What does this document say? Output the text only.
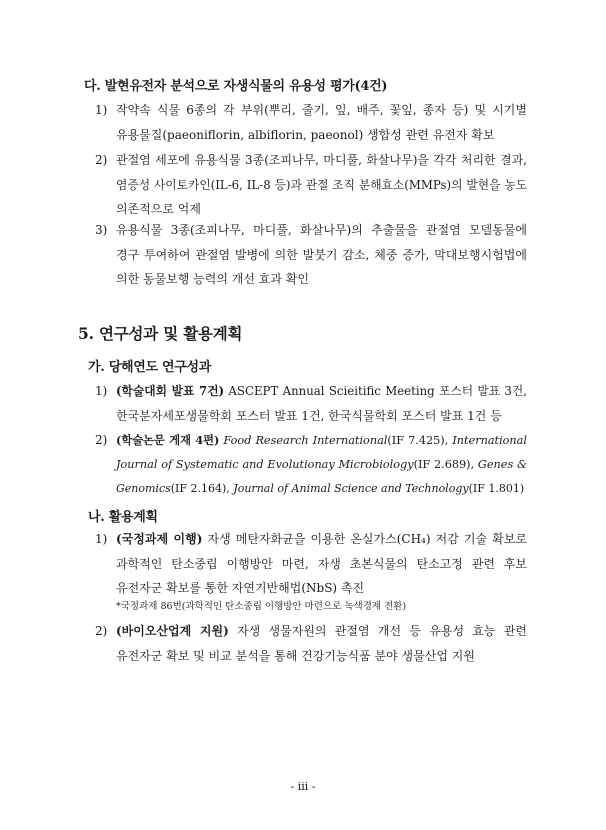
다. 발현유전자 분석으로 자생식물의 유용성 평가(4건)
1) 작약속 식물 6종의 각 부위(뿌리, 줄기, 잎, 배주, 꽃잎, 종자 등) 및 시기별
유용물질(paeoniflorin, albiflorin, paeonol) 생합성 관련 유전자 확보
2) 관절염 세포에 유용식물 3종(조피나무, 마디풀, 화살나무)을 각각 처리한 결과,
염증성 사이토카인(IL-6, IL-8 등)과 관절 조직 분해효소(MMPs)의 발현을 농도
의존적으로 억제
3) 유용식물 3종(조피나무, 마디풀, 화살나무)의 추출물을 관절염 모델동물에
경구 투여하여 관절염 발병에 의한 발붓기 감소, 체중 증가, 막대보행시험법에
의한 동물보행 능력의 개선 효과 확인
5. 연구성과 및 활용계획
가. 당해연도 연구성과
1) (학술대회 발표 7건) ASCEPT Annual Scieitific Meeting 포스터 발표 3건,
한국분자세포생물학회 포스터 발표 1건, 한국식물학회 포스터 발표 1건 등
2) (학술논문 게재 4편) Food Research International(IF 7.425), International
Journal of Systematic and Evolutionay Microbiology(IF 2.689), Genes &
Genomics(IF 2.164), Journal of Animal Science and Technology(IF 1.801)
나. 활용계획
1) (국정과제 이행) 자생 메탄자화균을 이용한 온실가스(CH₄) 저감 기술 확보로
과학적인 탄소중립 이행방안 마련, 자생 초본식물의 탄소고정 관련 후보
유전자군 확보를 통한 자연기반해법(NbS) 촉진
*국정과제 86번(과학적인 탄소중립 이행방안 마련으로 녹색경제 전환)
2) (바이오산업계 지원) 자생 생물자원의 관절염 개선 등 유용성 효능 관련
유전자군 확보 및 비교 분석을 통해 건강기능식품 분야 생물산업 지원
- iii -
